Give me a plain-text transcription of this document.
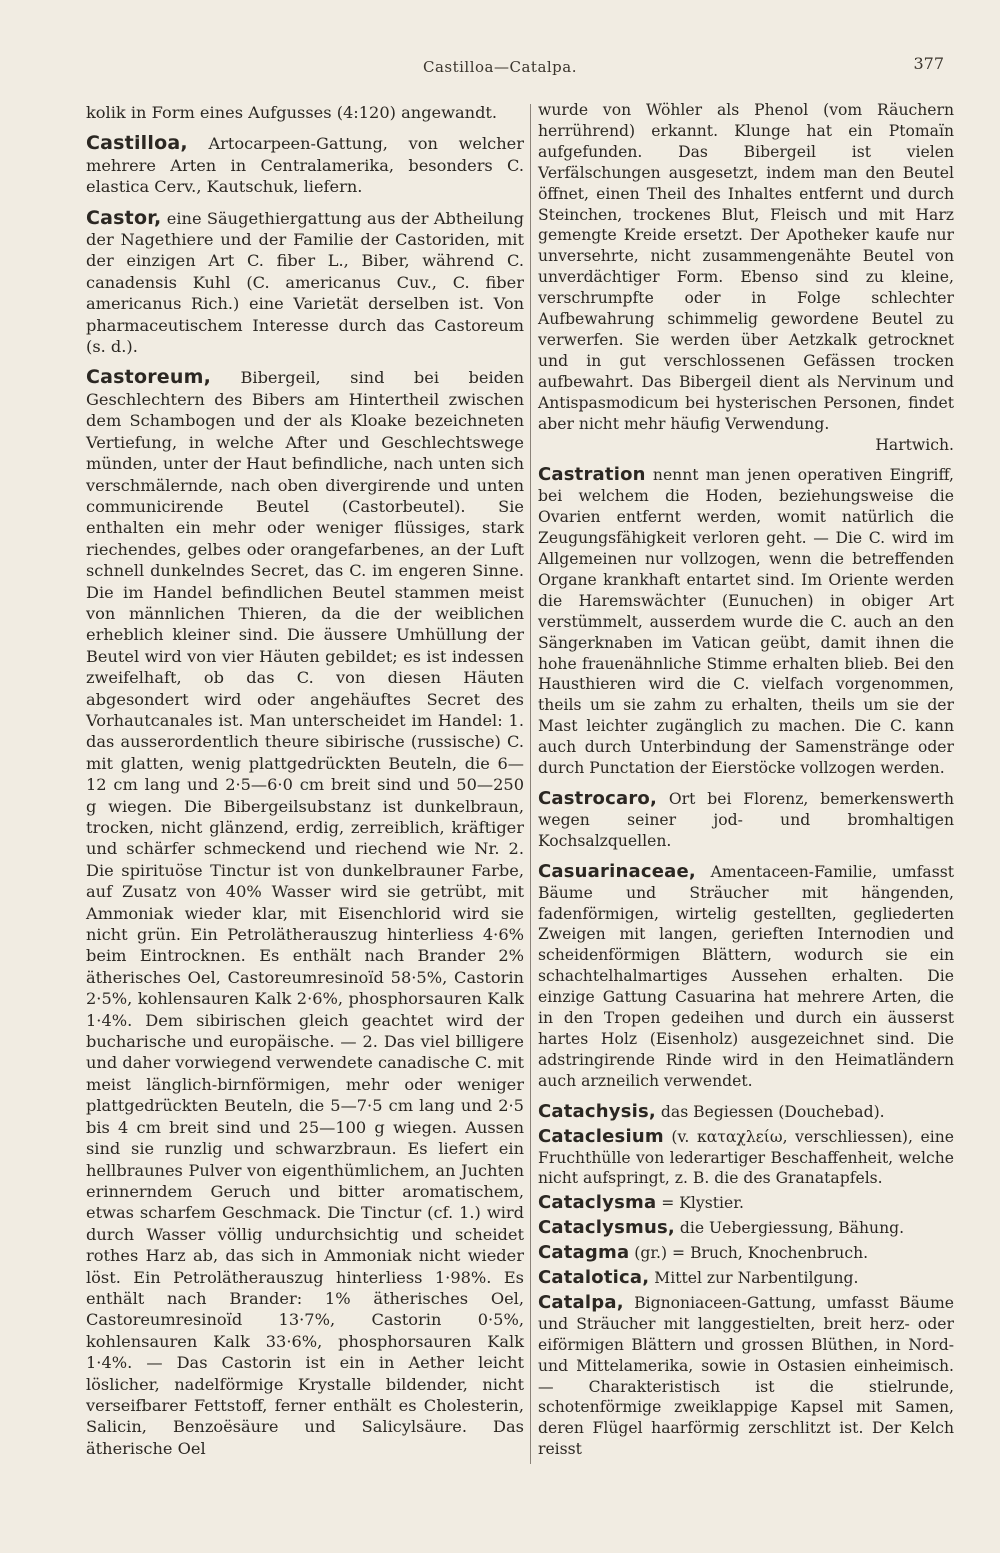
Castilloa—Catalpa.	377

kolik in Form eines Aufgusses (4:120) angewandt.

Castilloa, Artocarpeen-Gattung, von welcher mehrere Arten in Centralamerika, besonders C. elastica Cerv., Kautschuk, liefern.

Castor, eine Säugethiergattung aus der Abtheilung der Nagethiere und der Familie der Castoriden, mit der einzigen Art C. fiber L., Biber, während C. canadensis Kuhl (C. americanus Cuv., C. fiber americanus Rich.) eine Varietät derselben ist. Von pharmaceutischem Interesse durch das Castoreum (s. d.).

Castoreum, Bibergeil, sind bei beiden Geschlechtern des Bibers am Hintertheil zwischen dem Schambogen und der als Kloake bezeichneten Vertiefung, in welche After und Geschlechtswege münden, unter der Haut befindliche, nach unten sich verschmälernde, nach oben divergirende und unten communicirende Beutel (Castorbeutel). Sie enthalten ein mehr oder weniger flüssiges, stark riechendes, gelbes oder orangefarbenes, an der Luft schnell dunkelndes Secret, das C. im engeren Sinne. Die im Handel befindlichen Beutel stammen meist von männlichen Thieren, da die der weiblichen erheblich kleiner sind. Die äussere Umhüllung der Beutel wird von vier Häuten gebildet; es ist indessen zweifelhaft, ob das C. von diesen Häuten abgesondert wird oder angehäuftes Secret des Vorhautcanales ist. Man unterscheidet im Handel: 1. das ausserordentlich theure sibirische (russische) C. mit glatten, wenig plattgedrückten Beuteln, die 6—12 cm lang und 2·5—6·0 cm breit sind und 50—250 g wiegen. Die Bibergeilsubstanz ist dunkelbraun, trocken, nicht glänzend, erdig, zerreiblich, kräftiger und schärfer schmeckend und riechend wie Nr. 2. Die spirituöse Tinctur ist von dunkelbrauner Farbe, auf Zusatz von 40% Wasser wird sie getrübt, mit Ammoniak wieder klar, mit Eisenchlorid wird sie nicht grün. Ein Petrolätherauszug hinterliess 4·6% beim Eintrocknen. Es enthält nach Brander 2% ätherisches Oel, Castoreumresinoïd 58·5%, Castorin 2·5%, kohlensauren Kalk 2·6%, phosphorsauren Kalk 1·4%. Dem sibirischen gleich geachtet wird der bucharische und europäische. — 2. Das viel billigere und daher vorwiegend verwendete canadische C. mit meist länglich-birnförmigen, mehr oder weniger plattgedrückten Beuteln, die 5—7·5 cm lang und 2·5 bis 4 cm breit sind und 25—100 g wiegen. Aussen sind sie runzlig und schwarzbraun. Es liefert ein hellbraunes Pulver von eigenthümlichem, an Juchten erinnerndem Geruch und bitter aromatischem, etwas scharfem Geschmack. Die Tinctur (cf. 1.) wird durch Wasser völlig undurchsichtig und scheidet rothes Harz ab, das sich in Ammoniak nicht wieder löst. Ein Petrolätherauszug hinterliess 1·98%. Es enthält nach Brander: 1% ätherisches Oel, Castoreumresinoïd 13·7%, Castorin 0·5%, kohlensauren Kalk 33·6%, phosphorsauren Kalk 1·4%. — Das Castorin ist ein in Aether leicht löslicher, nadelförmige Krystalle bildender, nicht verseifbarer Fettstoff, ferner enthält es Cholesterin, Salicin, Benzoësäure und Salicylsäure. Das ätherische Oel

wurde von Wöhler als Phenol (vom Räuchern herrührend) erkannt. Klunge hat ein Ptomaïn aufgefunden. Das Bibergeil ist vielen Verfälschungen ausgesetzt, indem man den Beutel öffnet, einen Theil des Inhaltes entfernt und durch Steinchen, trockenes Blut, Fleisch und mit Harz gemengte Kreide ersetzt. Der Apotheker kaufe nur unversehrte, nicht zusammengenähte Beutel von unverdächtiger Form. Ebenso sind zu kleine, verschrumpfte oder in Folge schlechter Aufbewahrung schimmelig gewordene Beutel zu verwerfen. Sie werden über Aetzkalk getrocknet und in gut verschlossenen Gefässen trocken aufbewahrt. Das Bibergeil dient als Nervinum und Antispasmodicum bei hysterischen Personen, findet aber nicht mehr häufig Verwendung.
Hartwich.

Castration nennt man jenen operativen Eingriff, bei welchem die Hoden, beziehungsweise die Ovarien entfernt werden, womit natürlich die Zeugungsfähigkeit verloren geht. — Die C. wird im Allgemeinen nur vollzogen, wenn die betreffenden Organe krankhaft entartet sind. Im Oriente werden die Haremswächter (Eunuchen) in obiger Art verstümmelt, ausserdem wurde die C. auch an den Sängerknaben im Vatican geübt, damit ihnen die hohe frauenähnliche Stimme erhalten blieb. Bei den Hausthieren wird die C. vielfach vorgenommen, theils um sie zahm zu erhalten, theils um sie der Mast leichter zugänglich zu machen. Die C. kann auch durch Unterbindung der Samenstränge oder durch Punctation der Eierstöcke vollzogen werden.

Castrocaro, Ort bei Florenz, bemerkenswerth wegen seiner jod- und bromhaltigen Kochsalzquellen.

Casuarinaceae, Amentaceen-Familie, umfasst Bäume und Sträucher mit hängenden, fadenförmigen, wirtelig gestellten, gegliederten Zweigen mit langen, gerieften Internodien und scheidenförmigen Blättern, wodurch sie ein schachtelhalmartiges Aussehen erhalten. Die einzige Gattung Casuarina hat mehrere Arten, die in den Tropen gedeihen und durch ein äusserst hartes Holz (Eisenholz) ausgezeichnet sind. Die adstringirende Rinde wird in den Heimatländern auch arzneilich verwendet.

Catachysis, das Begiessen (Douchebad).

Cataclesium (v. καταχλείω, verschliessen), eine Fruchthülle von lederartiger Beschaffenheit, welche nicht aufspringt, z. B. die des Granatapfels.

Cataclysma = Klystier.

Cataclysmus, die Uebergiessung, Bähung.

Catagma (gr.) = Bruch, Knochenbruch.

Catalotica, Mittel zur Narbentilgung.

Catalpa, Bignoniaceen-Gattung, umfasst Bäume und Sträucher mit langgestielten, breit herz- oder eiförmigen Blättern und grossen Blüthen, in Nord- und Mittelamerika, sowie in Ostasien einheimisch. — Charakteristisch ist die stielrunde, schotenförmige zweiklappige Kapsel mit Samen, deren Flügel haarförmig zerschlitzt ist. Der Kelch reisst
